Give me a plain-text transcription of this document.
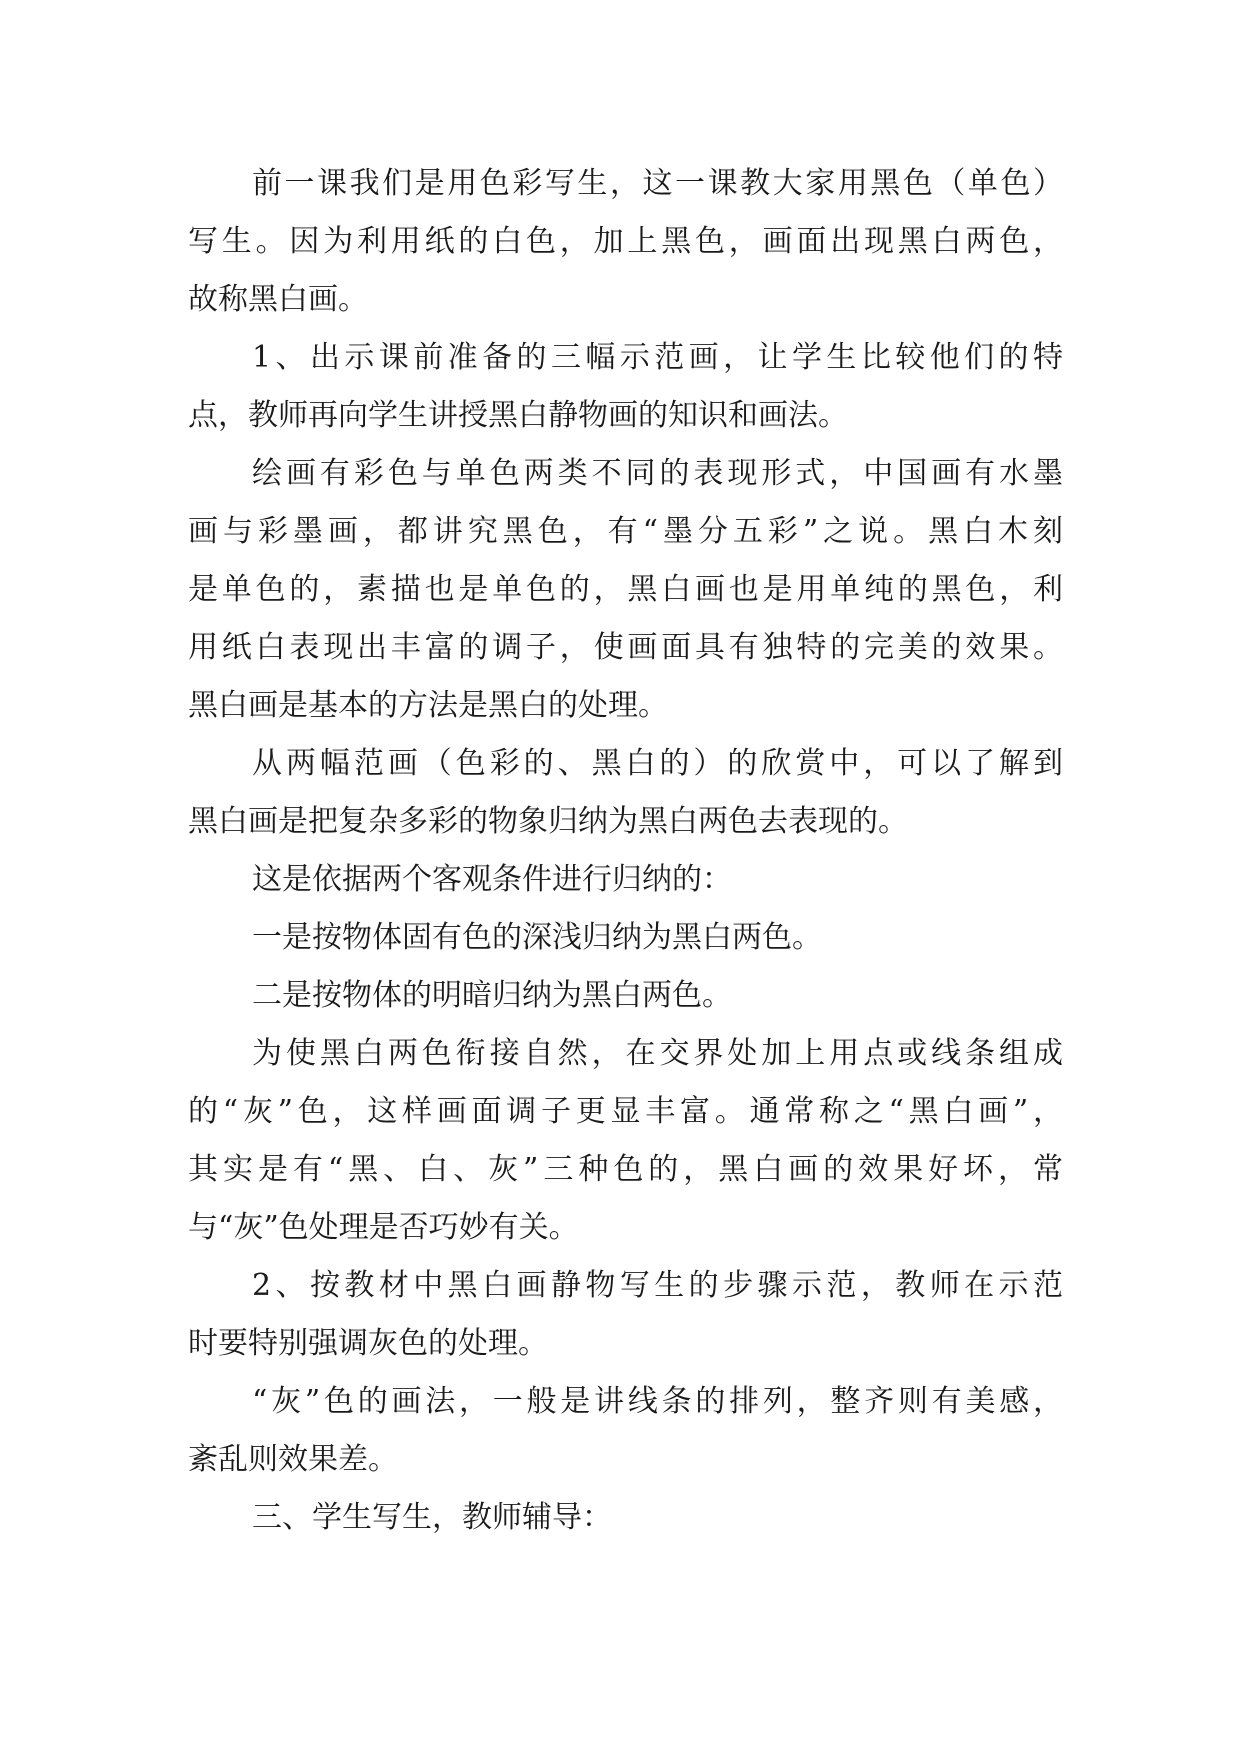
前一课我们是用色彩写生，这一课教大家用黑色（单色）
写生。因为利用纸的白色，加上黑色，画面出现黑白两色，
故称黑白画。
1、出示课前准备的三幅示范画，让学生比较他们的特
点，教师再向学生讲授黑白静物画的知识和画法。
绘画有彩色与单色两类不同的表现形式，中国画有水墨
画与彩墨画，都讲究黑色，有“墨分五彩”之说。黑白木刻
是单色的，素描也是单色的，黑白画也是用单纯的黑色，利
用纸白表现出丰富的调子，使画面具有独特的完美的效果。
黑白画是基本的方法是黑白的处理。
从两幅范画（色彩的、黑白的）的欣赏中，可以了解到
黑白画是把复杂多彩的物象归纳为黑白两色去表现的。
这是依据两个客观条件进行归纳的：
一是按物体固有色的深浅归纳为黑白两色。
二是按物体的明暗归纳为黑白两色。
为使黑白两色衔接自然，在交界处加上用点或线条组成
的“灰”色，这样画面调子更显丰富。通常称之“黑白画”，
其实是有“黑、白、灰”三种色的，黑白画的效果好坏，常
与“灰”色处理是否巧妙有关。
2、按教材中黑白画静物写生的步骤示范，教师在示范
时要特别强调灰色的处理。
“灰”色的画法，一般是讲线条的排列，整齐则有美感，
紊乱则效果差。
三、学生写生，教师辅导：
